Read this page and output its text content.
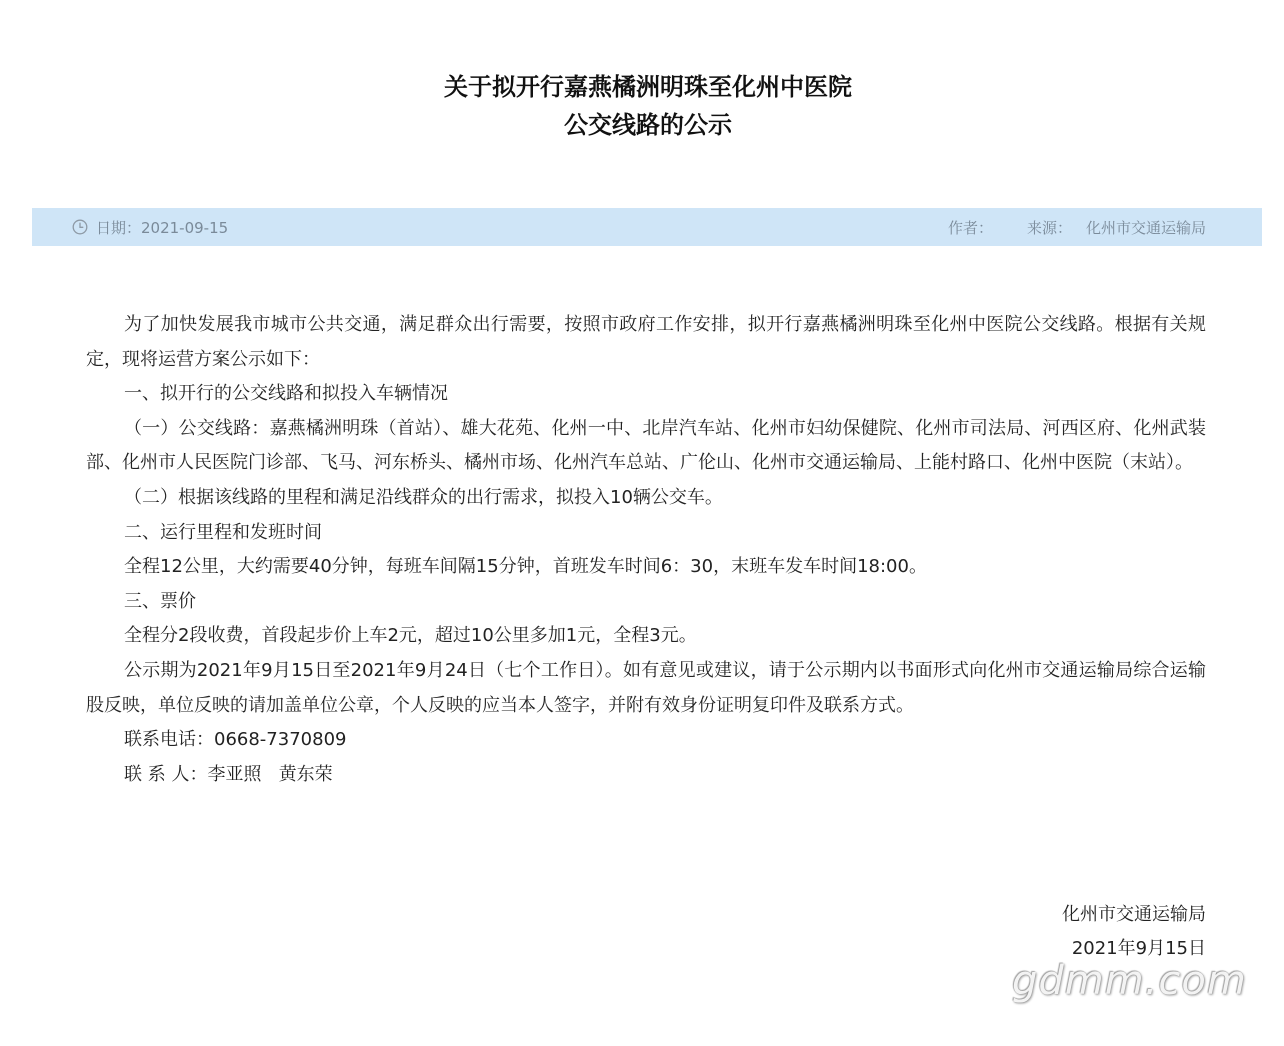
关于拟开行嘉燕橘洲明珠至化州中医院
公交线路的公示
日期：2021-09-15	作者： 来源： 化州市交通运输局

为了加快发展我市城市公共交通，满足群众出行需要，按照市政府工作安排，拟开行嘉燕橘洲明珠至化州中医院公交线路。根据有关规定，现将运营方案公示如下：

一、拟开行的公交线路和拟投入车辆情况

（一）公交线路：嘉燕橘洲明珠（首站）、雄大花苑、化州一中、北岸汽车站、化州市妇幼保健院、化州市司法局、河西区府、化州武装部、化州市人民医院门诊部、飞马、河东桥头、橘州市场、化州汽车总站、广伦山、化州市交通运输局、上能村路口、化州中医院（末站）。

（二）根据该线路的里程和满足沿线群众的出行需求，拟投入10辆公交车。

二、运行里程和发班时间

全程12公里，大约需要40分钟，每班车间隔15分钟，首班发车时间6：30，末班车发车时间18:00。

三、票价

全程分2段收费，首段起步价上车2元，超过10公里多加1元，全程3元。

公示期为2021年9月15日至2021年9月24日（七个工作日）。如有意见或建议，请于公示期内以书面形式向化州市交通运输局综合运输股反映，单位反映的请加盖单位公章，个人反映的应当本人签字，并附有效身份证明复印件及联系方式。

联系电话：0668-7370809

联 系 人：李亚照   黄东荣

化州市交通运输局
2021年9月15日
gdmm.com
